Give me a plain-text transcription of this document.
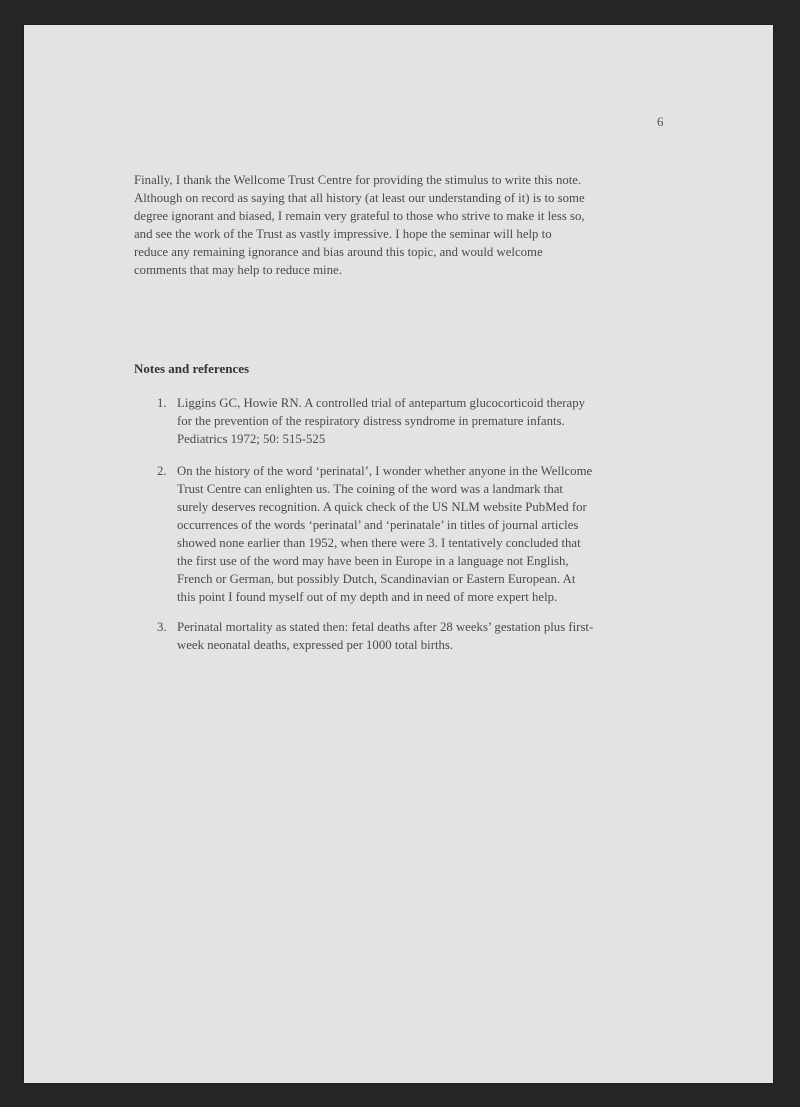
6
Finally, I thank the Wellcome Trust Centre for providing the stimulus to write this note.
Although on record as saying that all history (at least our understanding of it) is to some
degree ignorant and biased, I remain very grateful to those who strive to make it less so,
and see the work of the Trust as vastly impressive. I hope the seminar will help to
reduce any remaining ignorance and bias around this topic, and would welcome
comments that may help to reduce mine.
Notes and references
1. Liggins GC, Howie RN. A controlled trial of antepartum glucocorticoid therapy
for the prevention of the respiratory distress syndrome in premature infants.
Pediatrics 1972; 50: 515-525
2. On the history of the word ‘perinatal’, I wonder whether anyone in the Wellcome
Trust Centre can enlighten us. The coining of the word was a landmark that
surely deserves recognition. A quick check of the US NLM website PubMed for
occurrences of the words ‘perinatal’ and ‘perinatale’ in titles of journal articles
showed none earlier than 1952, when there were 3. I tentatively concluded that
the first use of the word may have been in Europe in a language not English,
French or German, but possibly Dutch, Scandinavian or Eastern European. At
this point I found myself out of my depth and in need of more expert help.
3. Perinatal mortality as stated then: fetal deaths after 28 weeks’ gestation plus first-
week neonatal deaths, expressed per 1000 total births.
